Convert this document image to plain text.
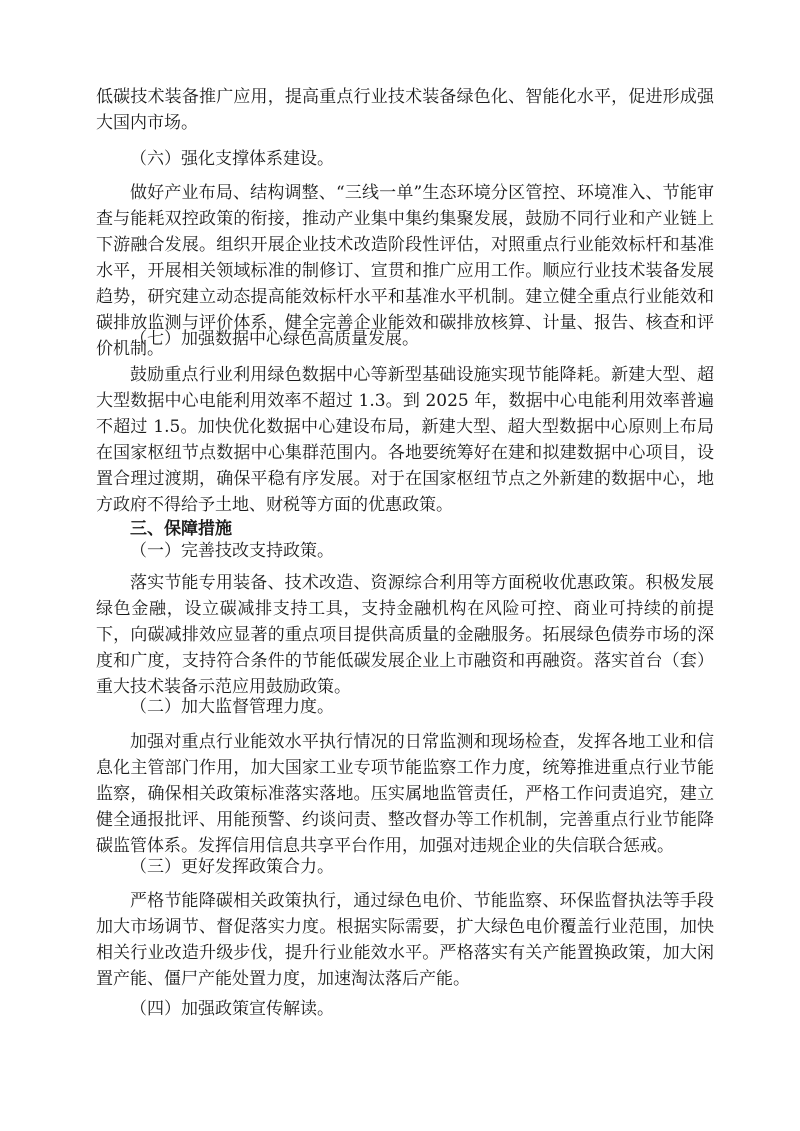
低碳技术装备推广应用，提高重点行业技术装备绿色化、智能化水平，促进形成强大国内市场。

（六）强化支撑体系建设。

做好产业布局、结构调整、“三线一单”生态环境分区管控、环境准入、节能审查与能耗双控政策的衔接，推动产业集中集约集聚发展，鼓励不同行业和产业链上下游融合发展。组织开展企业技术改造阶段性评估，对照重点行业能效标杆和基准水平，开展相关领域标准的制修订、宣贯和推广应用工作。顺应行业技术装备发展趋势，研究建立动态提高能效标杆水平和基准水平机制。建立健全重点行业能效和碳排放监测与评价体系，健全完善企业能效和碳排放核算、计量、报告、核查和评价机制。

（七）加强数据中心绿色高质量发展。

鼓励重点行业利用绿色数据中心等新型基础设施实现节能降耗。新建大型、超大型数据中心电能利用效率不超过 1.3。到 2025 年，数据中心电能利用效率普遍不超过 1.5。加快优化数据中心建设布局，新建大型、超大型数据中心原则上布局在国家枢纽节点数据中心集群范围内。各地要统筹好在建和拟建数据中心项目，设置合理过渡期，确保平稳有序发展。对于在国家枢纽节点之外新建的数据中心，地方政府不得给予土地、财税等方面的优惠政策。

三、保障措施

（一）完善技改支持政策。

落实节能专用装备、技术改造、资源综合利用等方面税收优惠政策。积极发展绿色金融，设立碳减排支持工具，支持金融机构在风险可控、商业可持续的前提下，向碳减排效应显著的重点项目提供高质量的金融服务。拓展绿色债券市场的深度和广度，支持符合条件的节能低碳发展企业上市融资和再融资。落实首台（套）重大技术装备示范应用鼓励政策。

（二）加大监督管理力度。

加强对重点行业能效水平执行情况的日常监测和现场检查，发挥各地工业和信息化主管部门作用，加大国家工业专项节能监察工作力度，统筹推进重点行业节能监察，确保相关政策标准落实落地。压实属地监管责任，严格工作问责追究，建立健全通报批评、用能预警、约谈问责、整改督办等工作机制，完善重点行业节能降碳监管体系。发挥信用信息共享平台作用，加强对违规企业的失信联合惩戒。

（三）更好发挥政策合力。

严格节能降碳相关政策执行，通过绿色电价、节能监察、环保监督执法等手段加大市场调节、督促落实力度。根据实际需要，扩大绿色电价覆盖行业范围，加快相关行业改造升级步伐，提升行业能效水平。严格落实有关产能置换政策，加大闲置产能、僵尸产能处置力度，加速淘汰落后产能。

（四）加强政策宣传解读。
